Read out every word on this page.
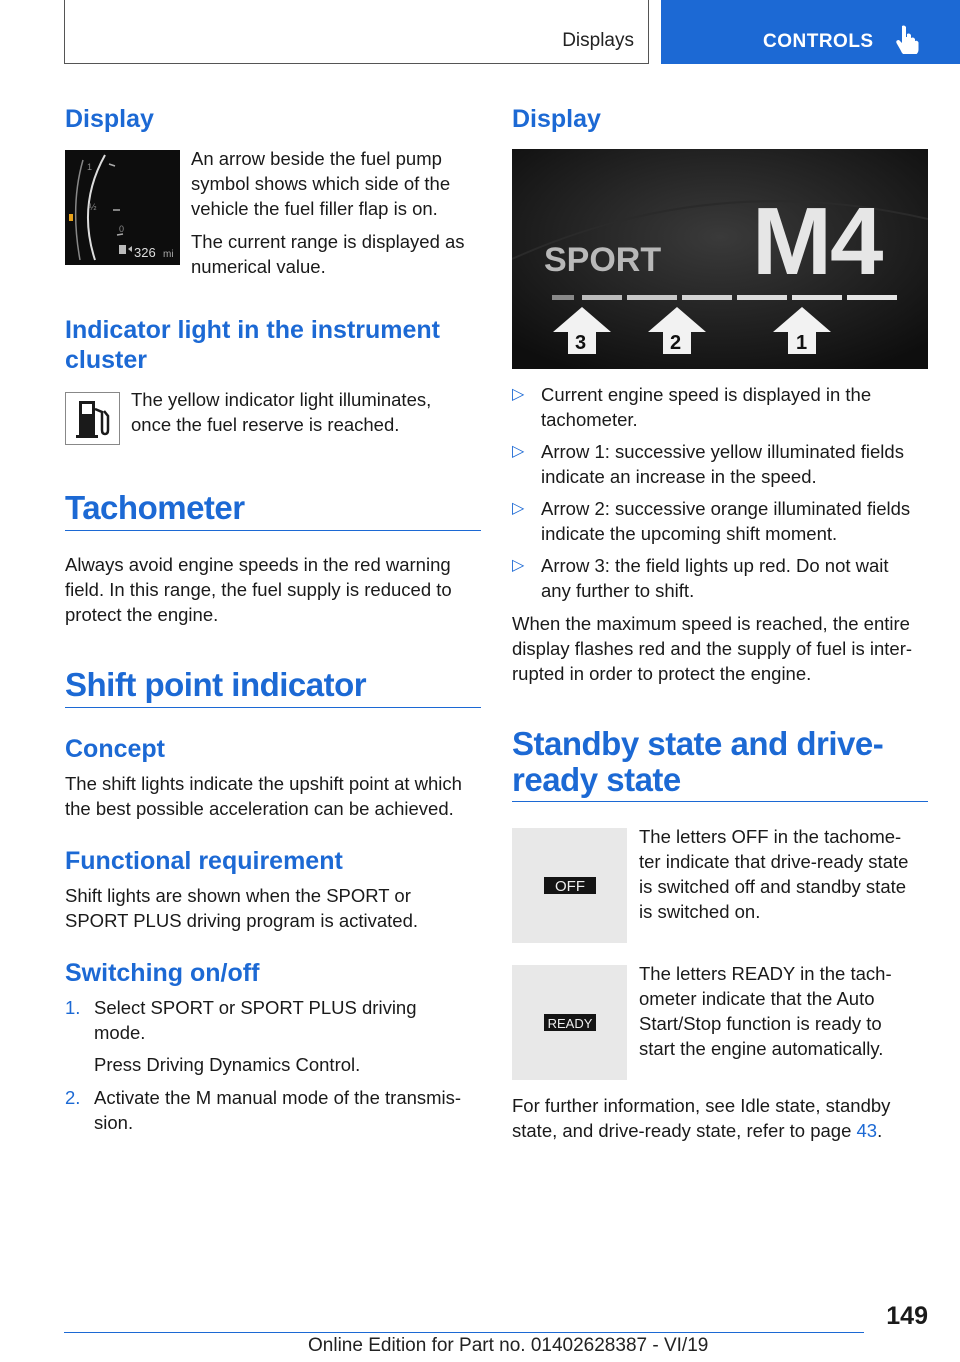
Displays	CONTROLS
Display
1
½
0
326 mi

An arrow beside the fuel pump
symbol shows which side of the
vehicle the fuel filler flap is on.

The current range is displayed as
numerical value.

Indicator light in the instrument
cluster

The yellow indicator light illuminates,
once the fuel reserve is reached.

Tachometer

Always avoid engine speeds in the red warning
field. In this range, the fuel supply is reduced to
protect the engine.

Shift point indicator
Concept

The shift lights indicate the upshift point at which
the best possible acceleration can be achieved.

Functional requirement

Shift lights are shown when the SPORT or
SPORT PLUS driving program is activated.

Switching on/off
1. Select SPORT or SPORT PLUS driving
mode.
Press Driving Dynamics Control.
2. Activate the M manual mode of the transmis-
sion.
Display
SPORT M4
3	2	1
▷ Current engine speed is displayed in the
tachometer.
▷ Arrow 1: successive yellow illuminated fields
indicate an increase in the speed.
▷ Arrow 2: successive orange illuminated fields
indicate the upcoming shift moment.
▷ Arrow 3: the field lights up red. Do not wait
any further to shift.

When the maximum speed is reached, the entire
display flashes red and the supply of fuel is inter-
rupted in order to protect the engine.

Standby state and drive-
ready state
OFF

The letters OFF in the tachome-
ter indicate that drive-ready state
is switched off and standby state
is switched on.

READY

The letters READY in the tach-
ometer indicate that the Auto
Start/Stop function is ready to
start the engine automatically.

For further information, see Idle state, standby
state, and drive-ready state, refer to page 43.

149
Online Edition for Part no. 01402628387 - VI/19
